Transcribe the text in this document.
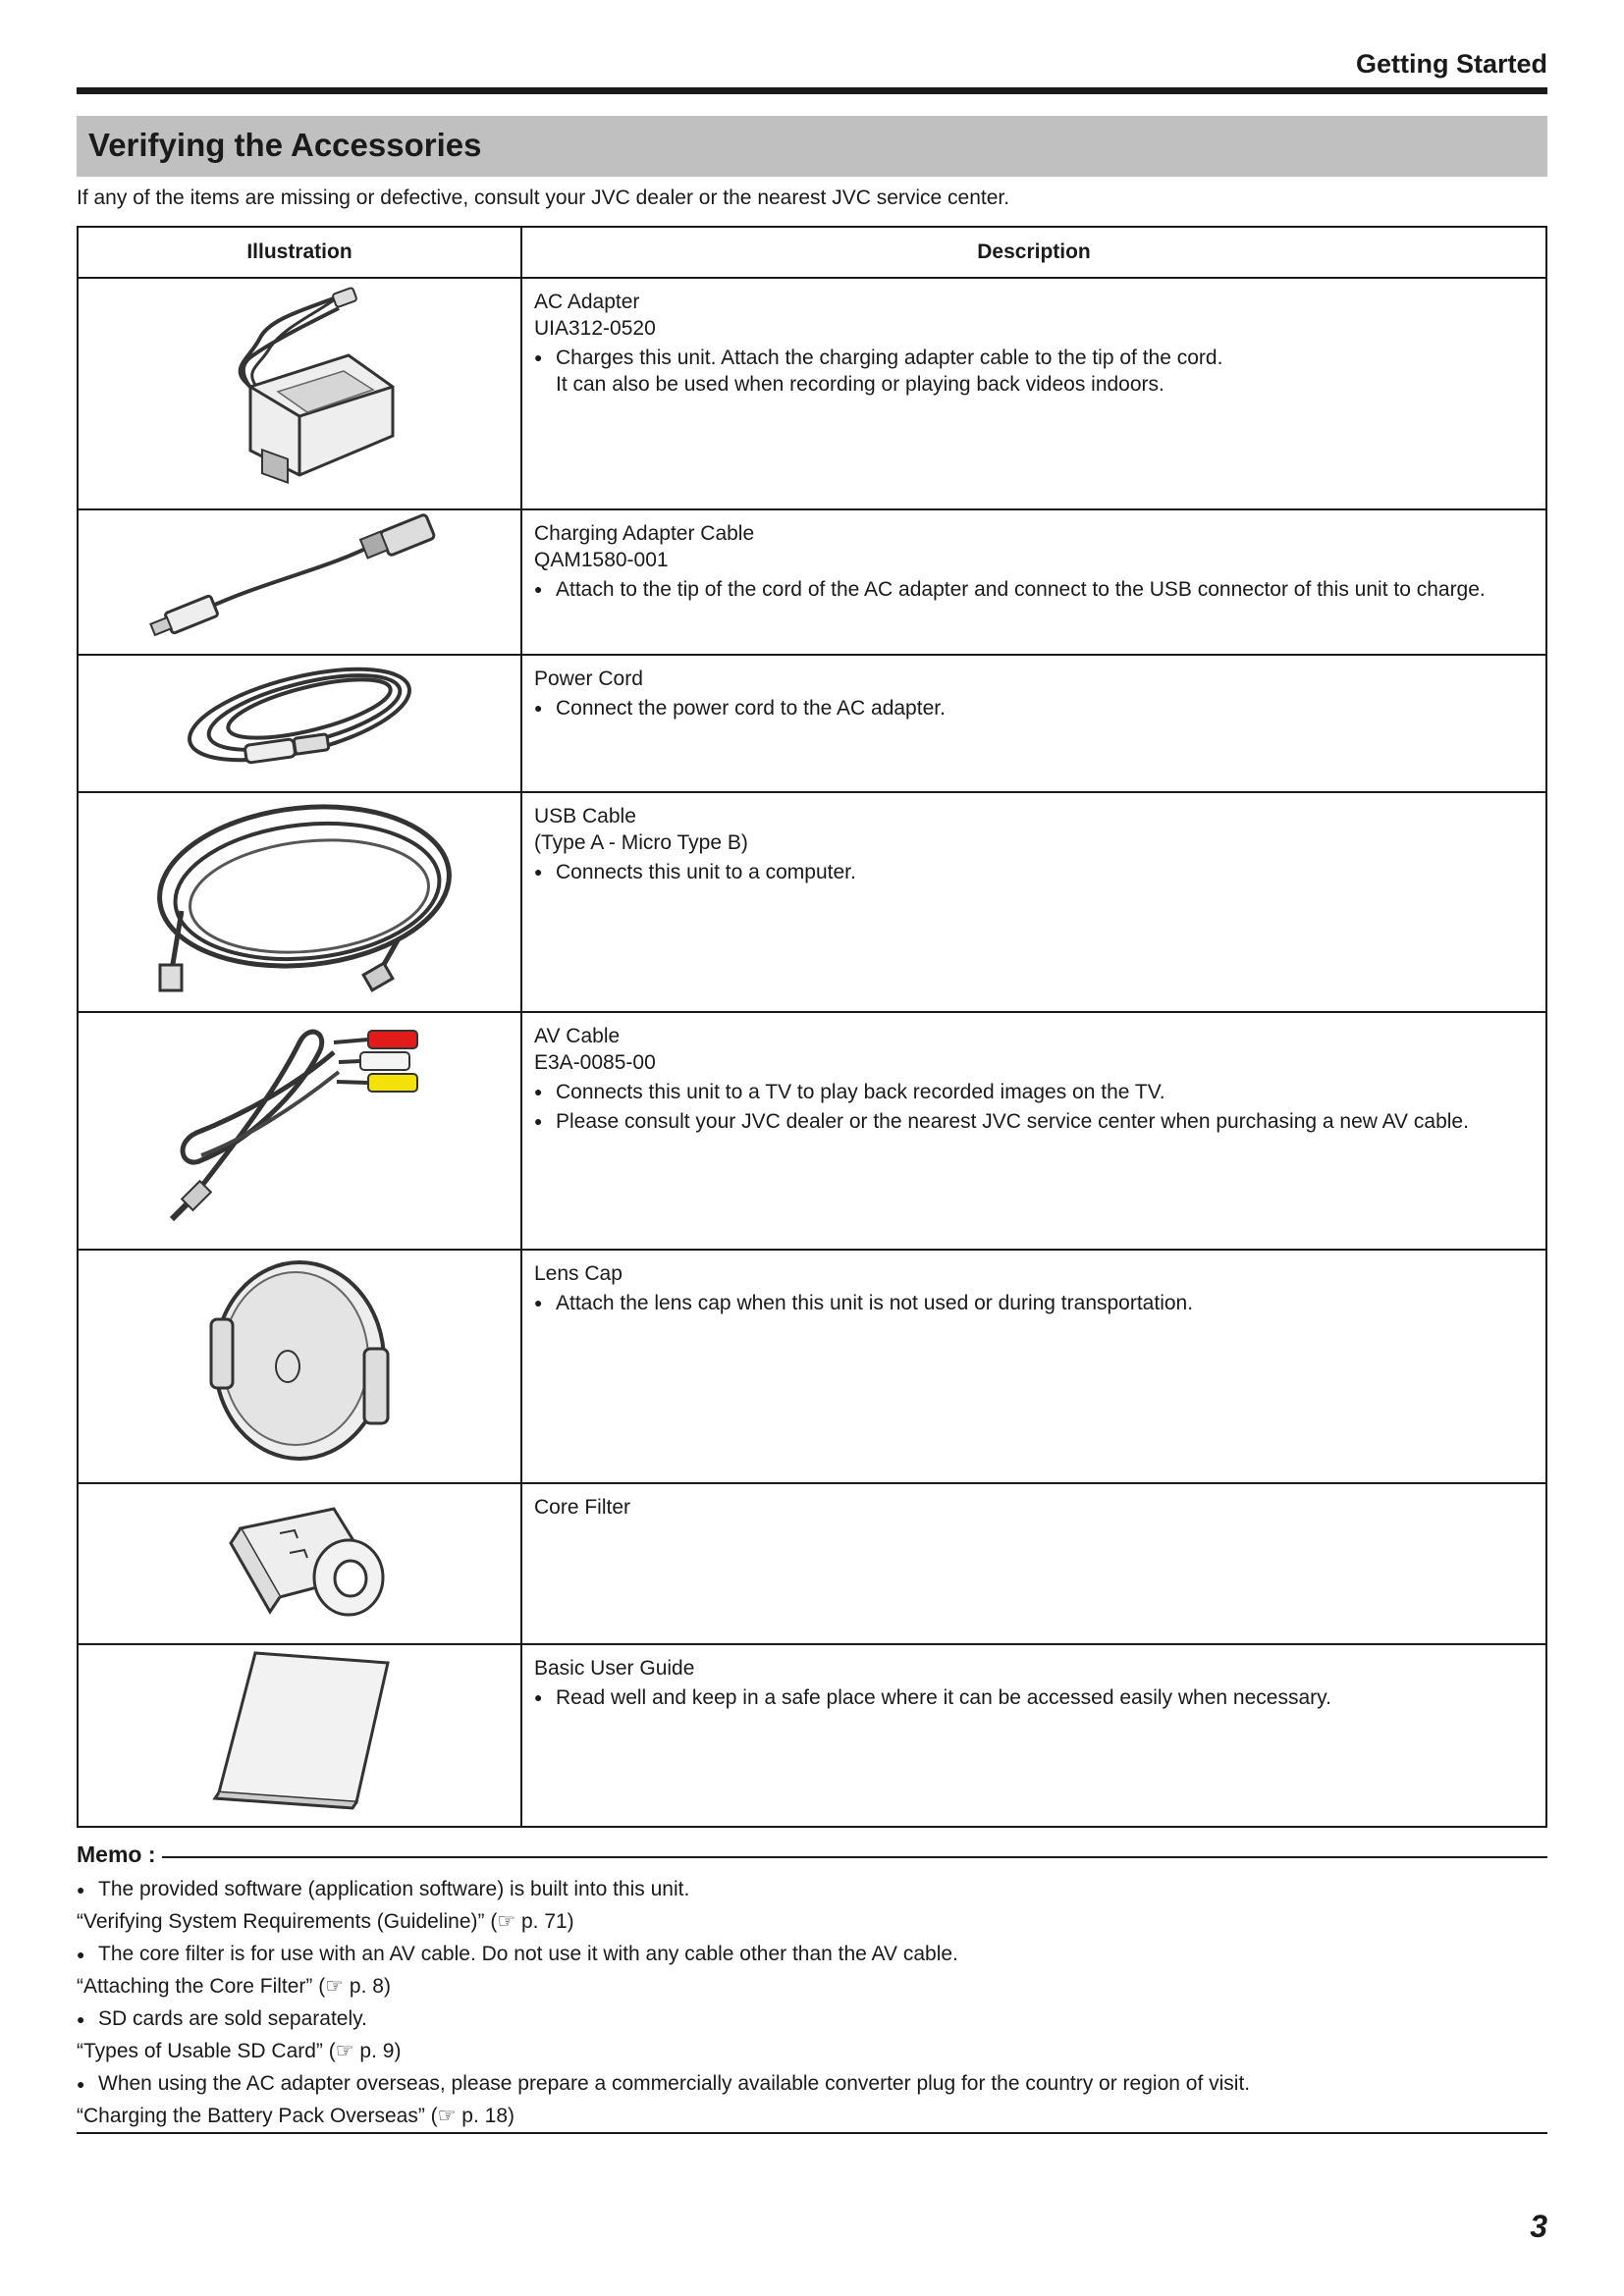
Getting Started
Verifying the Accessories
If any of the items are missing or defective, consult your JVC dealer or the nearest JVC service center.
Illustration	Description

AC Adapter
UIA312-0520
● Charges this unit. Attach the charging adapter cable to the tip of the cord.
It can also be used when recording or playing back videos indoors.

Charging Adapter Cable
QAM1580-001
● Attach to the tip of the cord of the AC adapter and connect to the USB connector of this unit to charge.

Power Cord
● Connect the power cord to the AC adapter.

USB Cable
(Type A - Micro Type B)
● Connects this unit to a computer.

AV Cable
E3A-0085-00
● Connects this unit to a TV to play back recorded images on the TV.
● Please consult your JVC dealer or the nearest JVC service center when purchasing a new AV cable.

Lens Cap
● Attach the lens cap when this unit is not used or during transportation.

Core Filter

Basic User Guide
● Read well and keep in a safe place where it can be accessed easily when necessary.
Memo :
● The provided software (application software) is built into this unit.
“Verifying System Requirements (Guideline)” (☞ p. 71)
● The core filter is for use with an AV cable. Do not use it with any cable other than the AV cable.
“Attaching the Core Filter” (☞ p. 8)
● SD cards are sold separately.
“Types of Usable SD Card” (☞ p. 9)
● When using the AC adapter overseas, please prepare a commercially available converter plug for the country or region of visit.
“Charging the Battery Pack Overseas” (☞ p. 18)
3
